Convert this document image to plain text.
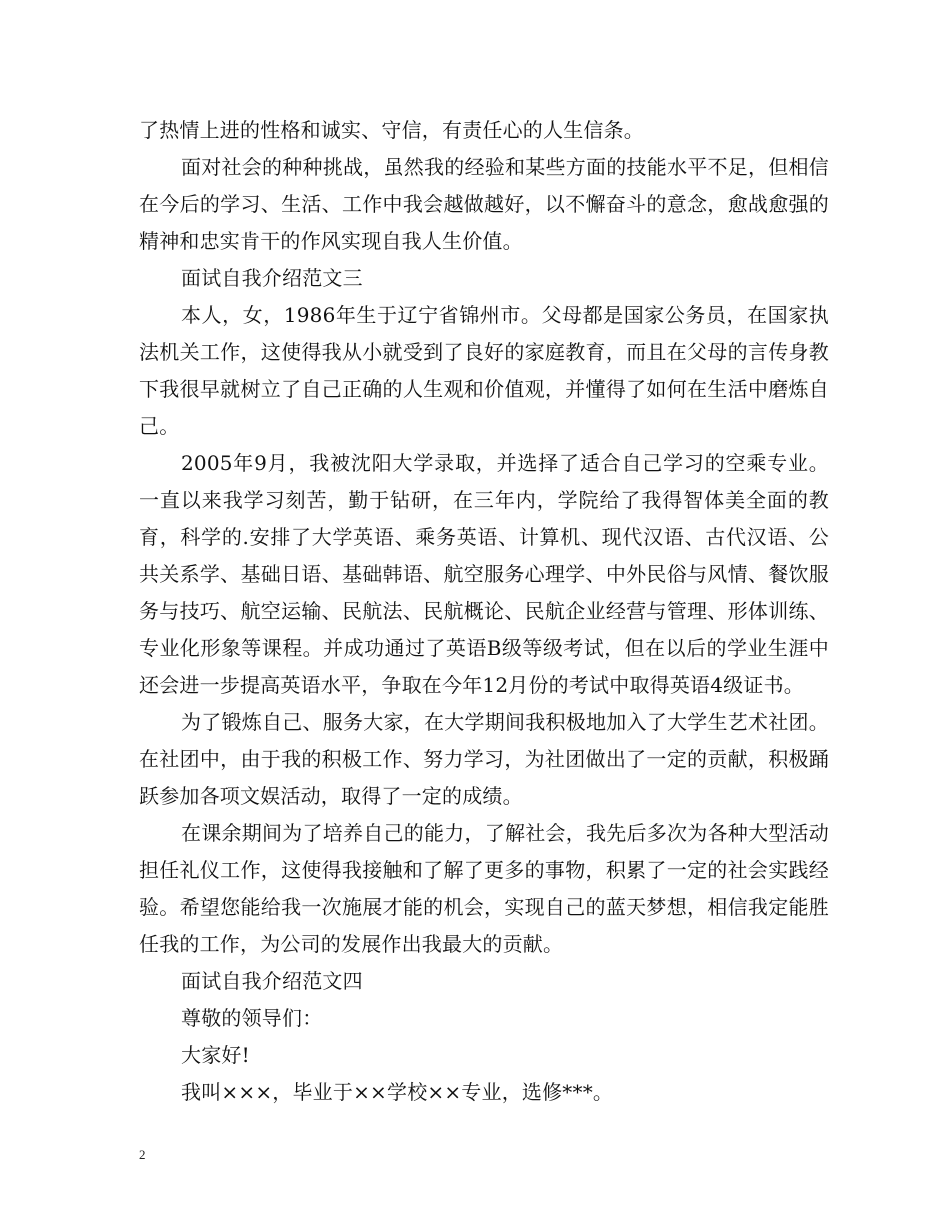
了热情上进的性格和诚实、守信，有责任心的人生信条。

面对社会的种种挑战，虽然我的经验和某些方面的技能水平不足，但相信在今后的学习、生活、工作中我会越做越好，以不懈奋斗的意念，愈战愈强的精神和忠实肯干的作风实现自我人生价值。

面试自我介绍范文三

本人，女，1986年生于辽宁省锦州市。父母都是国家公务员，在国家执法机关工作，这使得我从小就受到了良好的家庭教育，而且在父母的言传身教下我很早就树立了自己正确的人生观和价值观，并懂得了如何在生活中磨炼自己。

2005年9月，我被沈阳大学录取，并选择了适合自己学习的空乘专业。一直以来我学习刻苦，勤于钻研，在三年内，学院给了我得智体美全面的教育，科学的.安排了大学英语、乘务英语、计算机、现代汉语、古代汉语、公共关系学、基础日语、基础韩语、航空服务心理学、中外民俗与风情、餐饮服务与技巧、航空运输、民航法、民航概论、民航企业经营与管理、形体训练、专业化形象等课程。并成功通过了英语B级等级考试，但在以后的学业生涯中还会进一步提高英语水平，争取在今年12月份的考试中取得英语4级证书。

为了锻炼自己、服务大家，在大学期间我积极地加入了大学生艺术社团。在社团中，由于我的积极工作、努力学习，为社团做出了一定的贡献，积极踊跃参加各项文娱活动，取得了一定的成绩。

在课余期间为了培养自己的能力，了解社会，我先后多次为各种大型活动担任礼仪工作，这使得我接触和了解了更多的事物，积累了一定的社会实践经验。希望您能给我一次施展才能的机会，实现自己的蓝天梦想，相信我定能胜任我的工作，为公司的发展作出我最大的贡献。

面试自我介绍范文四

尊敬的领导们：

大家好!

我叫×××，毕业于××学校××专业，选修***。

2
